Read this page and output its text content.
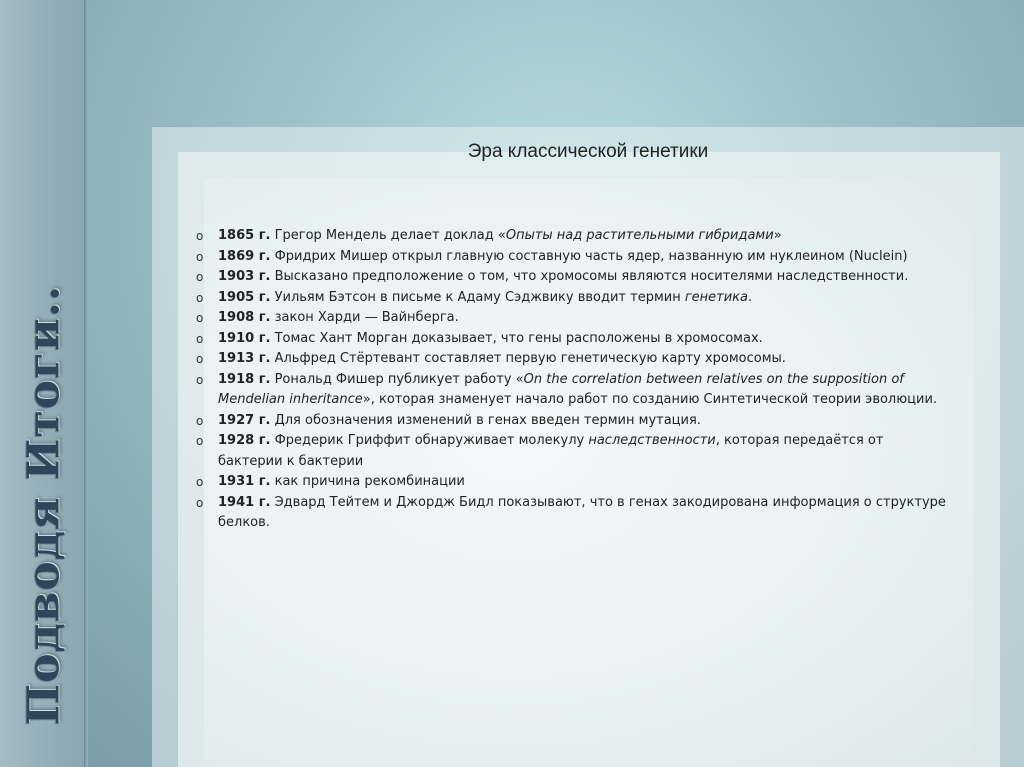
Подводя Итоги..
Эра классической генетики
o 1865 г. Грегор Мендель делает доклад «Опыты над растительными гибридами»
o 1869 г. Фридрих Мишер открыл главную составную часть ядер, названную им нуклеином (Nuclein)
o 1903 г. Высказано предположение о том, что хромосомы являются носителями наследственности.
o 1905 г. Уильям Бэтсон в письме к Адаму Сэджвику вводит термин генетика.
o 1908 г. закон Харди — Вайнберга.
o 1910 г. Томас Хант Морган доказывает, что гены расположены в хромосомах.
o 1913 г. Альфред Стёртевант составляет первую генетическую карту хромосомы.
o 1918 г. Рональд Фишер публикует работу «On the correlation between relatives on the supposition of Mendelian inheritance», которая знаменует начало работ по созданию Синтетической теории эволюции.
o 1927 г. Для обозначения изменений в генах введен термин мутация.
o 1928 г. Фредерик Гриффит обнаруживает молекулу наследственности, которая передаётся от бактерии к бактерии
o 1931 г. как причина рекомбинации
o 1941 г. Эдвард Тейтем и Джордж Бидл показывают, что в генах закодирована информация о структуре белков.
